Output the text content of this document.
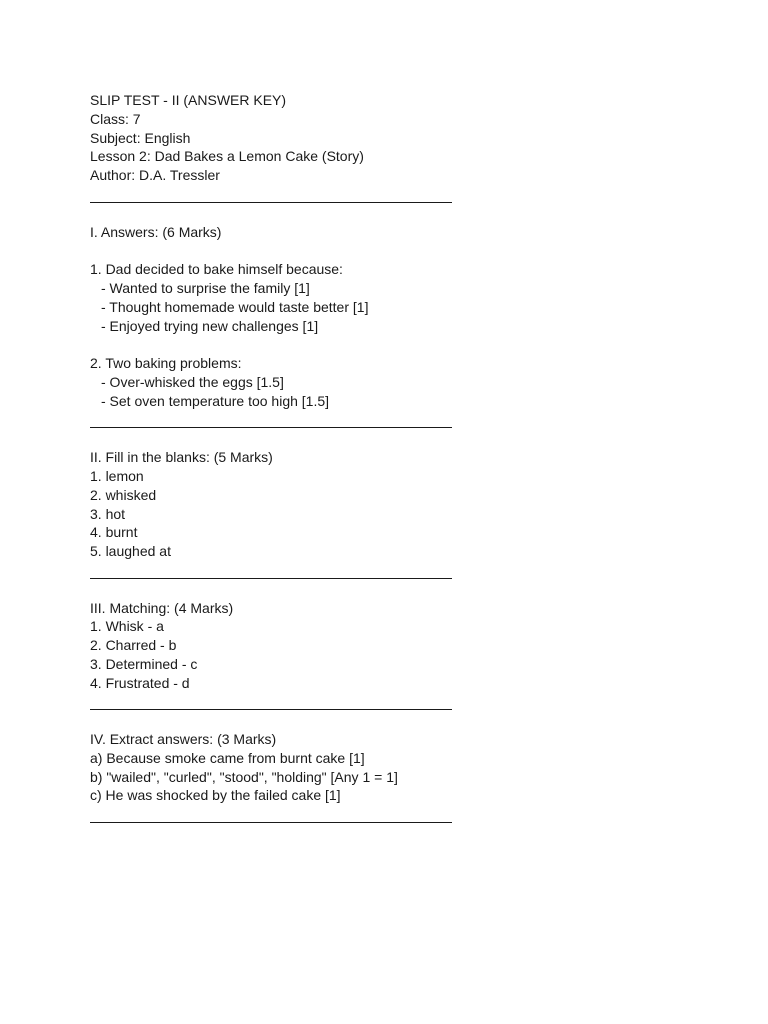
SLIP TEST - II (ANSWER KEY)
Class: 7
Subject: English
Lesson 2: Dad Bakes a Lemon Cake (Story)
Author: D.A. Tressler
I. Answers: (6 Marks)
1. Dad decided to bake himself because:
- Wanted to surprise the family [1]
- Thought homemade would taste better [1]
- Enjoyed trying new challenges [1]
2. Two baking problems:
- Over-whisked the eggs [1.5]
- Set oven temperature too high [1.5]
II. Fill in the blanks: (5 Marks)
1. lemon
2. whisked
3. hot
4. burnt
5. laughed at
III. Matching: (4 Marks)
1. Whisk - a
2. Charred - b
3. Determined - c
4. Frustrated - d
IV. Extract answers: (3 Marks)
a) Because smoke came from burnt cake [1]
b) "wailed", "curled", "stood", "holding" [Any 1 = 1]
c) He was shocked by the failed cake [1]
